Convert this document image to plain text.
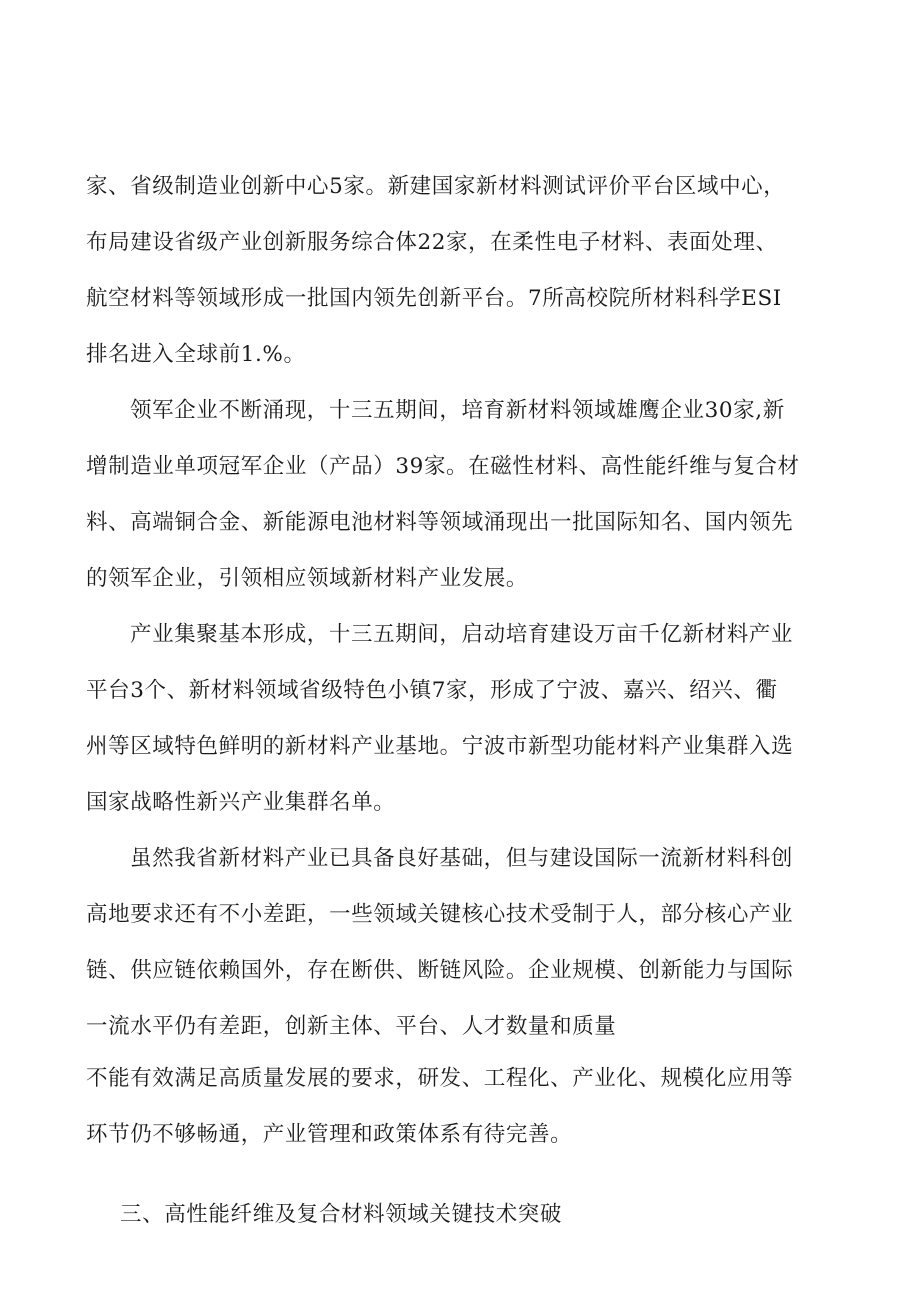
家、省级制造业创新中心5家。新建国家新材料测试评价平台区域中心，
布局建设省级产业创新服务综合体22家，在柔性电子材料、表面处理、
航空材料等领域形成一批国内领先创新平台。7所高校院所材料科学ESI
排名进入全球前1.%。
领军企业不断涌现，十三五期间，培育新材料领域雄鹰企业30家,新
增制造业单项冠军企业（产品）39家。在磁性材料、高性能纤维与复合材
料、高端铜合金、新能源电池材料等领域涌现出一批国际知名、国内领先
的领军企业，引领相应领域新材料产业发展。
产业集聚基本形成，十三五期间，启动培育建设万亩千亿新材料产业
平台3个、新材料领域省级特色小镇7家，形成了宁波、嘉兴、绍兴、衢
州等区域特色鲜明的新材料产业基地。宁波市新型功能材料产业集群入选
国家战略性新兴产业集群名单。
虽然我省新材料产业已具备良好基础，但与建设国际一流新材料科创
高地要求还有不小差距，一些领域关键核心技术受制于人，部分核心产业
链、供应链依赖国外，存在断供、断链风险。企业规模、创新能力与国际
一流水平仍有差距，创新主体、平台、人才数量和质量
不能有效满足高质量发展的要求，研发、工程化、产业化、规模化应用等
环节仍不够畅通，产业管理和政策体系有待完善。
三、高性能纤维及复合材料领域关键技术突破
